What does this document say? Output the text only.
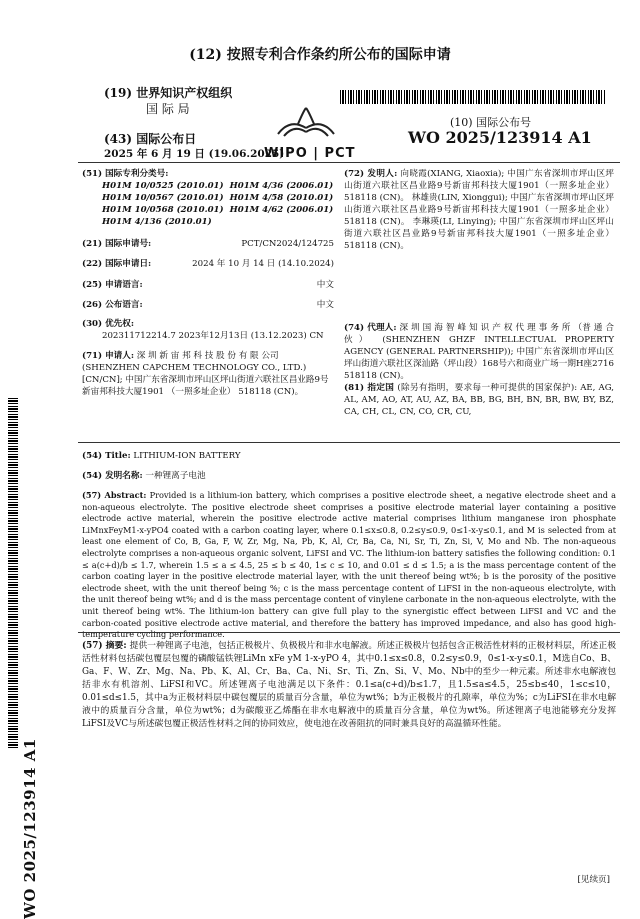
(12) 按照专利合作条约所公布的国际申请
(19) 世界知识产权组织
国 际 局
WIPO | PCT
(43) 国际公布日
2025 年 6 月 19 日 (19.06.2025)
(10) 国际公布号
WO 2025/123914 A1
(51) 国际专利分类号:
H01M 10/0525 (2010.01) H01M 4/36 (2006.01)
H01M 10/0567 (2010.01) H01M 4/58 (2010.01)
H01M 10/0568 (2010.01) H01M 4/62 (2006.01)
H01M 4/136 (2010.01)
(21) 国际申请号:	PCT/CN2024/124725
(22) 国际申请日:	2024 年 10 月 14 日 (14.10.2024)
(25) 申请语言:	中文
(26) 公布语言:	中文
(30) 优先权:
202311712214.7 2023年12月13日 (13.12.2023) CN
(71) 申请人: 深 圳 新 宙 邦 科 技 股 份 有 限 公司(SHENZHEN CAPCHEM TECHNOLOGY CO., LTD.) [CN/CN]; 中国广东省深圳市坪山区坪山街道六联社区昌业路9号新宙邦科技大厦1901 （一照多址企业） 518118 (CN)。
(72) 发明人: 向晓霞(XIANG, Xiaoxia); 中国广东省深圳市坪山区坪山街道六联社区昌业路9号新宙邦科技大厦1901（一照多址企业） 518118 (CN)。 林雄贵(LIN, Xionggui); 中国广东省深圳市坪山区坪山街道六联社区昌业路9号新宙邦科技大厦1901（一照多址企业） 518118 (CN)。 李琳瑛(LI, Linying); 中国广东省深圳市坪山区坪山街道六联社区昌业路9号新宙邦科技大厦1901（一照多址企业） 518118 (CN)。
(74) 代理人: 深 圳 国 海 智 峰 知 识 产 权 代 理 事 务 所 （普 通 合 伙） (SHENZHEN GHZF INTELLECTUAL PROPERTY AGENCY (GENERAL PARTNERSHIP)); 中国广东省深圳市坪山区坪山街道六联社区深汕路（坪山段）168号六和商业广场一期H座2716 518118 (CN)。
(81) 指定国 (除另有指明，要求每一种可提供的国家保护): AE, AG, AL, AM, AO, AT, AU, AZ, BA, BB, BG, BH, BN, BR, BW, BY, BZ, CA, CH, CL, CN, CO, CR, CU,
WO 2025/123914 A1
(54) Title: LITHIUM-ION BATTERY
(54) 发明名称: 一种锂离子电池
(57) Abstract: Provided is a lithium-ion battery, which comprises a positive electrode sheet, a negative electrode sheet and a non-aqueous electrolyte. The positive electrode sheet comprises a positive electrode material layer containing a positive electrode active material, wherein the positive electrode active material comprises lithium manganese iron phosphate LiMnxFeyM1-x-yPO4 coated with a carbon coating layer, where 0.1≤x≤0.8, 0.2≤y≤0.9, 0≤1-x-y≤0.1, and M is selected from at least one element of Co, B, Ga, F, W, Zr, Mg, Na, Pb, K, Al, Cr, Ba, Ca, Ni, Sr, Ti, Zn, Si, V, Mo and Nb. The non-aqueous electrolyte comprises a non-aqueous organic solvent, LiFSI and VC. The lithium-ion battery satisfies the following condition: 0.1 ≤ a(c+d)/b ≤ 1.7, wherein 1.5 ≤ a ≤ 4.5, 25 ≤ b ≤ 40, 1≤ c ≤ 10, and 0.01 ≤ d ≤ 1.5; a is the mass percentage content of the carbon coating layer in the positive electrode material layer, with the unit thereof being wt%; b is the porosity of the positive electrode sheet, with the unit thereof being %; c is the mass percentage content of LiFSI in the non-aqueous electrolyte, with the unit thereof being wt%; and d is the mass percentage content of vinylene carbonate in the non-aqueous electrolyte, with the unit thereof being wt%. The lithium-ion battery can give full play to the synergistic effect between LiFSI and VC and the carbon-coated positive electrode active material, and therefore the battery has improved impedance, and also has good high-temperature cycling performance.
(57) 摘要: 提供一种锂离子电池，包括正极极片、负极极片和非水电解液。所述正极极片包括包含正极活性材料的正极材料层，所述正极活性材料包括碳包覆层包覆的磷酸锰铁锂LiMn xFe yM 1-x-yPO 4，其中0.1≤x≤0.8，0.2≤y≤0.9，0≤1-x-y≤0.1，M选自Co、B、Ga、F、W、Zr、Mg、Na、Pb、K、Al、Cr、Ba、Ca、Ni、Sr、Ti、Zn、Si、V、Mo、Nb中的至少一种元素。所述非水电解液包括非水有机溶剂、LiFSI和VC。所述锂离子电池满足以下条件：0.1≤a(c+d)/b≤1.7，且1.5≤a≤4.5，25≤b≤40，1≤c≤10，0.01≤d≤1.5，其中a为正极材料层中碳包覆层的质量百分含量，单位为wt%；b为正极极片的孔隙率，单位为%；c为LiFSI在非水电解液中的质量百分含量，单位为wt%；d为碳酸亚乙烯酯在非水电解液中的质量百分含量，单位为wt%。所述锂离子电池能够充分发挥LiFSI及VC与所述碳包覆正极活性材料之间的协同效应，使电池在改善阻抗的同时兼具良好的高温循环性能。
[见续页]
